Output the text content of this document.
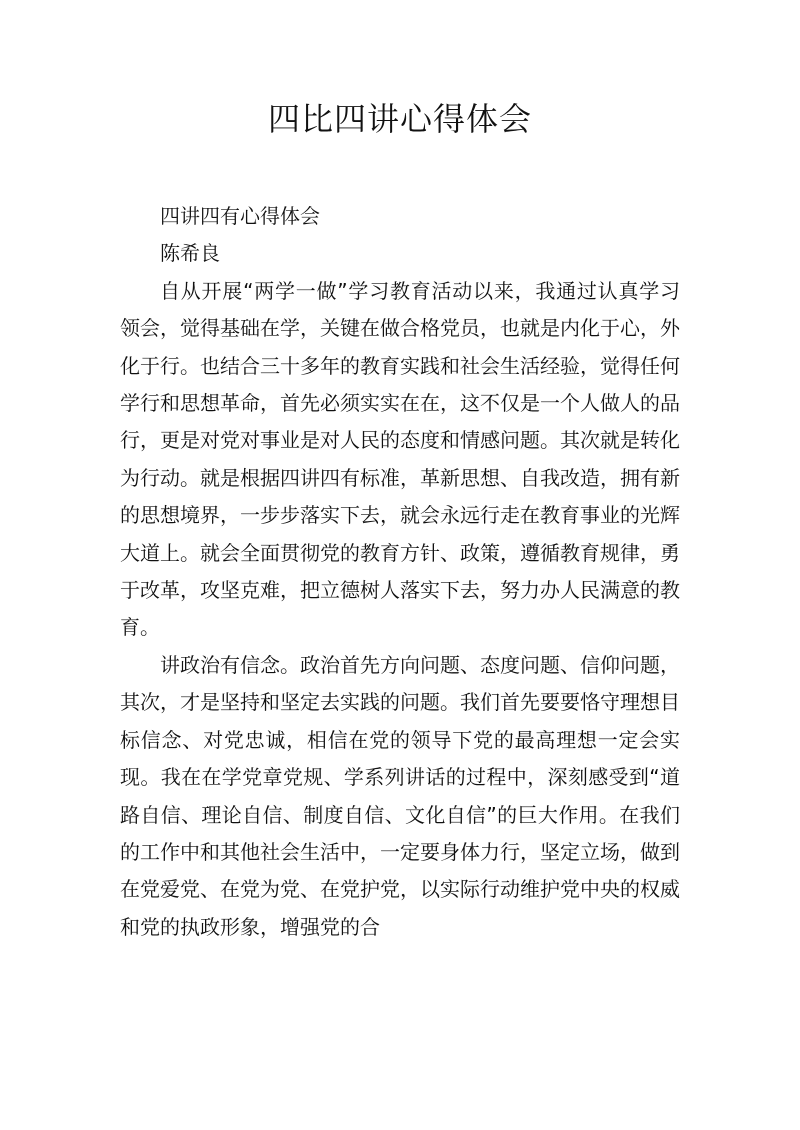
四比四讲心得体会

四讲四有心得体会

陈希良

自从开展“两学一做”学习教育活动以来，我通过认真学习领会，觉得基础在学，关键在做合格党员，也就是内化于心，外化于行。也结合三十多年的教育实践和社会生活经验，觉得任何学行和思想革命，首先必须实实在在，这不仅是一个人做人的品行，更是对党对事业是对人民的态度和情感问题。其次就是转化为行动。就是根据四讲四有标准，革新思想、自我改造，拥有新的思想境界，一步步落实下去，就会永远行走在教育事业的光辉大道上。就会全面贯彻党的教育方针、政策，遵循教育规律，勇于改革，攻坚克难，把立德树人落实下去，努力办人民满意的教育。

讲政治有信念。政治首先方向问题、态度问题、信仰问题，其次，才是坚持和坚定去实践的问题。我们首先要要恪守理想目标信念、对党忠诚，相信在党的领导下党的最高理想一定会实现。我在在学党章党规、学系列讲话的过程中，深刻感受到“道路自信、理论自信、制度自信、文化自信”的巨大作用。在我们的工作中和其他社会生活中，一定要身体力行，坚定立场，做到在党爱党、在党为党、在党护党，以实际行动维护党中央的权威和党的执政形象，增强党的合
